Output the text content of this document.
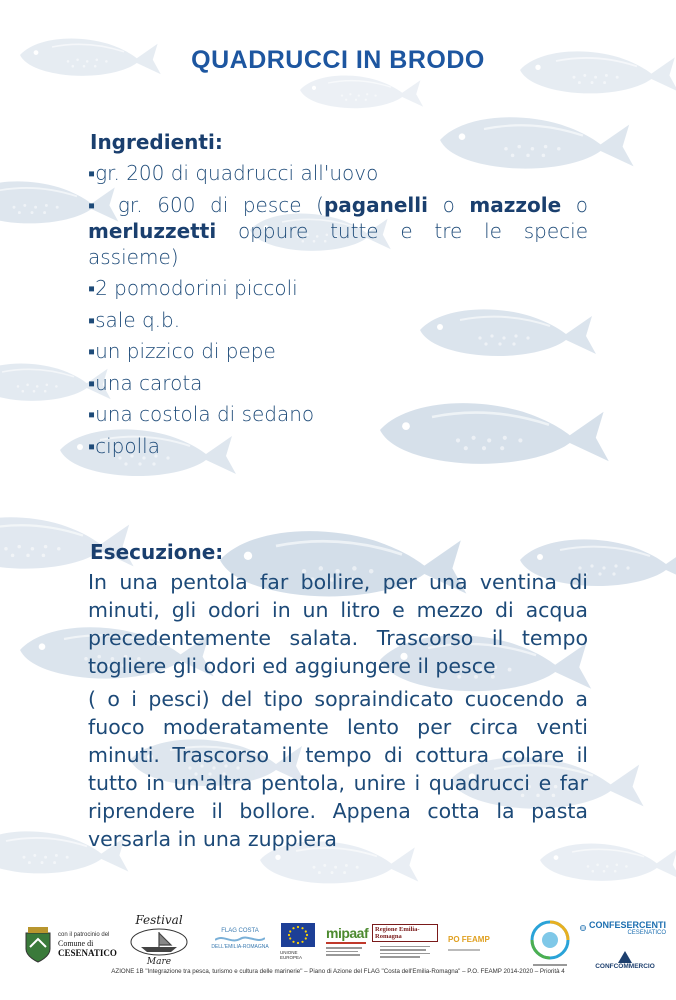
QUADRUCCI IN BRODO
Ingredienti:
▪gr. 200 di quadrucci all'uovo
▪ gr. 600 di pesce (paganelli o mazzole o merluzzetti oppure tutte e tre le specie assieme)
▪2 pomodorini piccoli
▪sale q.b.
▪un pizzico di pepe
▪una carota
▪una costola di sedano
▪cipolla
Esecuzione:

In una pentola far bollire, per una ventina di minuti, gli odori in un litro e mezzo di acqua precedentemente salata. Trascorso il tempo togliere gli odori ed aggiungere il pesce

( o i pesci) del tipo sopraindicato cuocendo a fuoco moderatamente lento per circa venti minuti. Trascorso il tempo di cottura colare il tutto in un'altra pentola, unire i quadrucci e far riprendere il bollore. Appena cotta la pasta versarla in una zuppiera

con il patrocinio del
Comune di
CESENATICO
Festival
Mare
FLAG COSTA
DELL'EMILIA-ROMAGNA
UNIONE EUROPEA
mipaaf	Regione Emilia-Romagna	PO FEAMP
CONFESERCENTI
CESENATICO
CONFCOMMERCIO
AZIONE 1B "Integrazione tra pesca, turismo e cultura delle marinerie" – Piano di Azione del FLAG "Costa dell'Emilia-Romagna" – P.O. FEAMP 2014-2020 – Priorità 4
